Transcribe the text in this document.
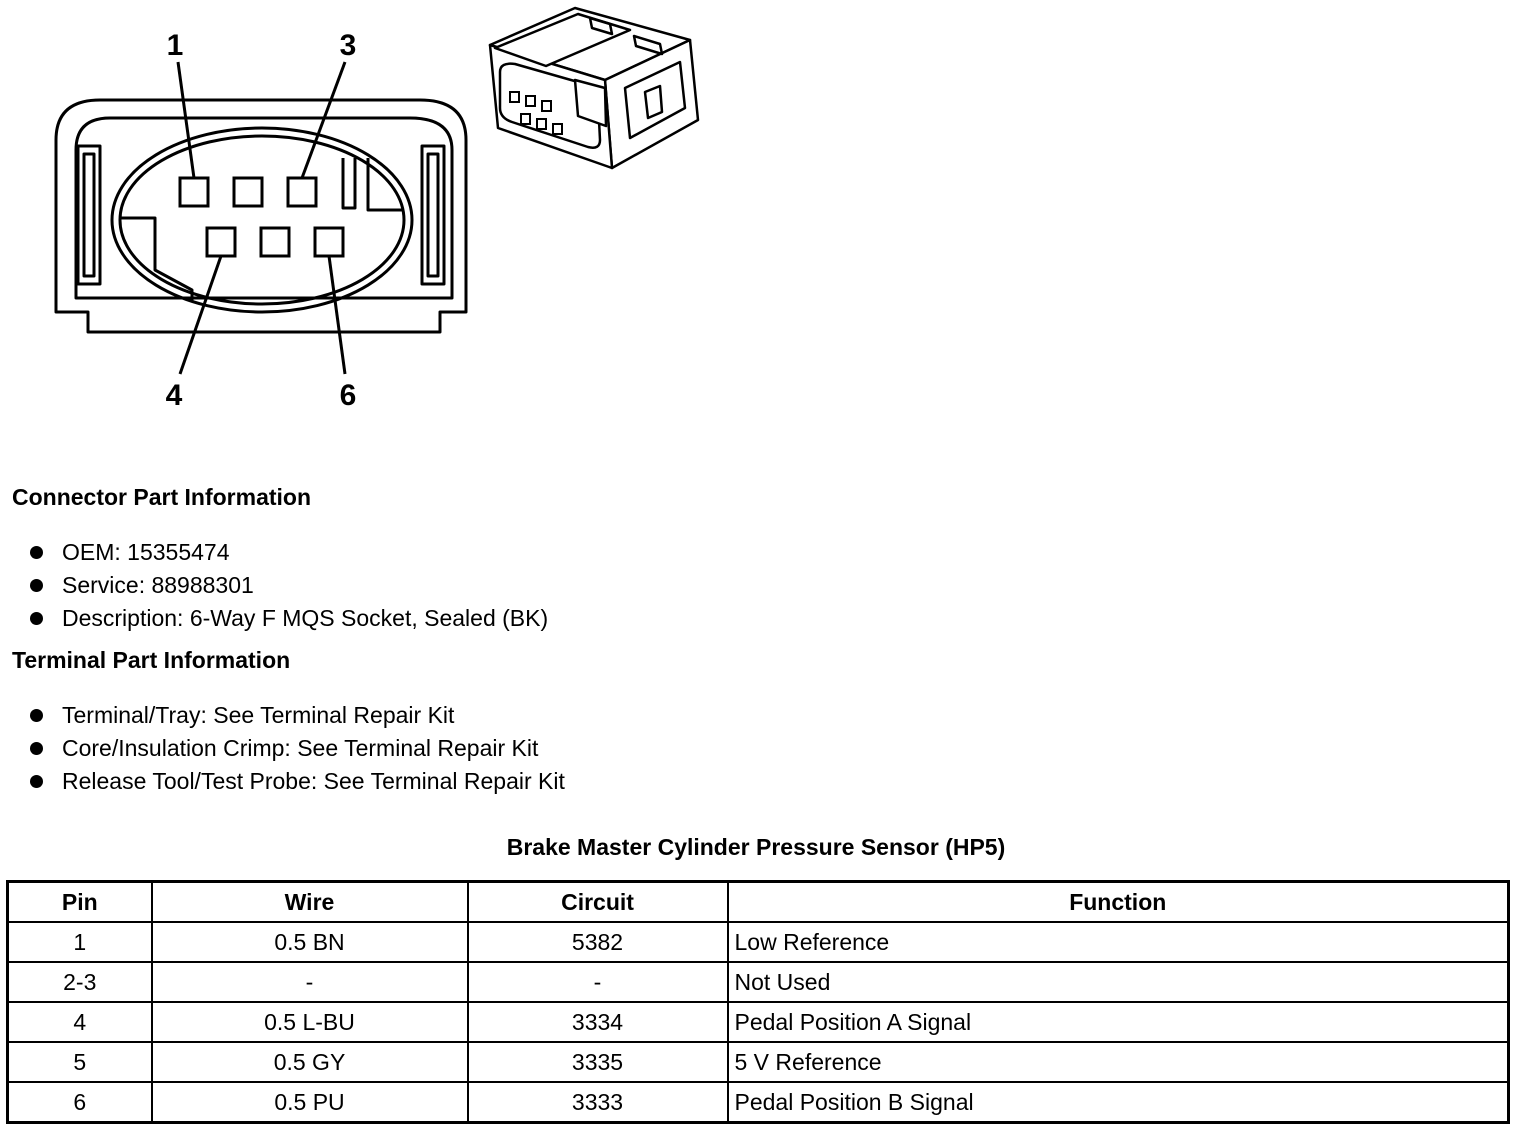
1	3
4	6
Connector Part Information
OEM: 15355474
Service: 88988301
Description: 6-Way F MQS Socket, Sealed (BK)
Terminal Part Information
Terminal/Tray: See Terminal Repair Kit
Core/Insulation Crimp: See Terminal Repair Kit
Release Tool/Test Probe: See Terminal Repair Kit
Brake Master Cylinder Pressure Sensor (HP5)
Pin	Wire	Circuit	Function
1	0.5 BN	5382	Low Reference
2-3	-	-	Not Used
4	0.5 L-BU	3334	Pedal Position A Signal
5	0.5 GY	3335	5 V Reference
6	0.5 PU	3333	Pedal Position B Signal
